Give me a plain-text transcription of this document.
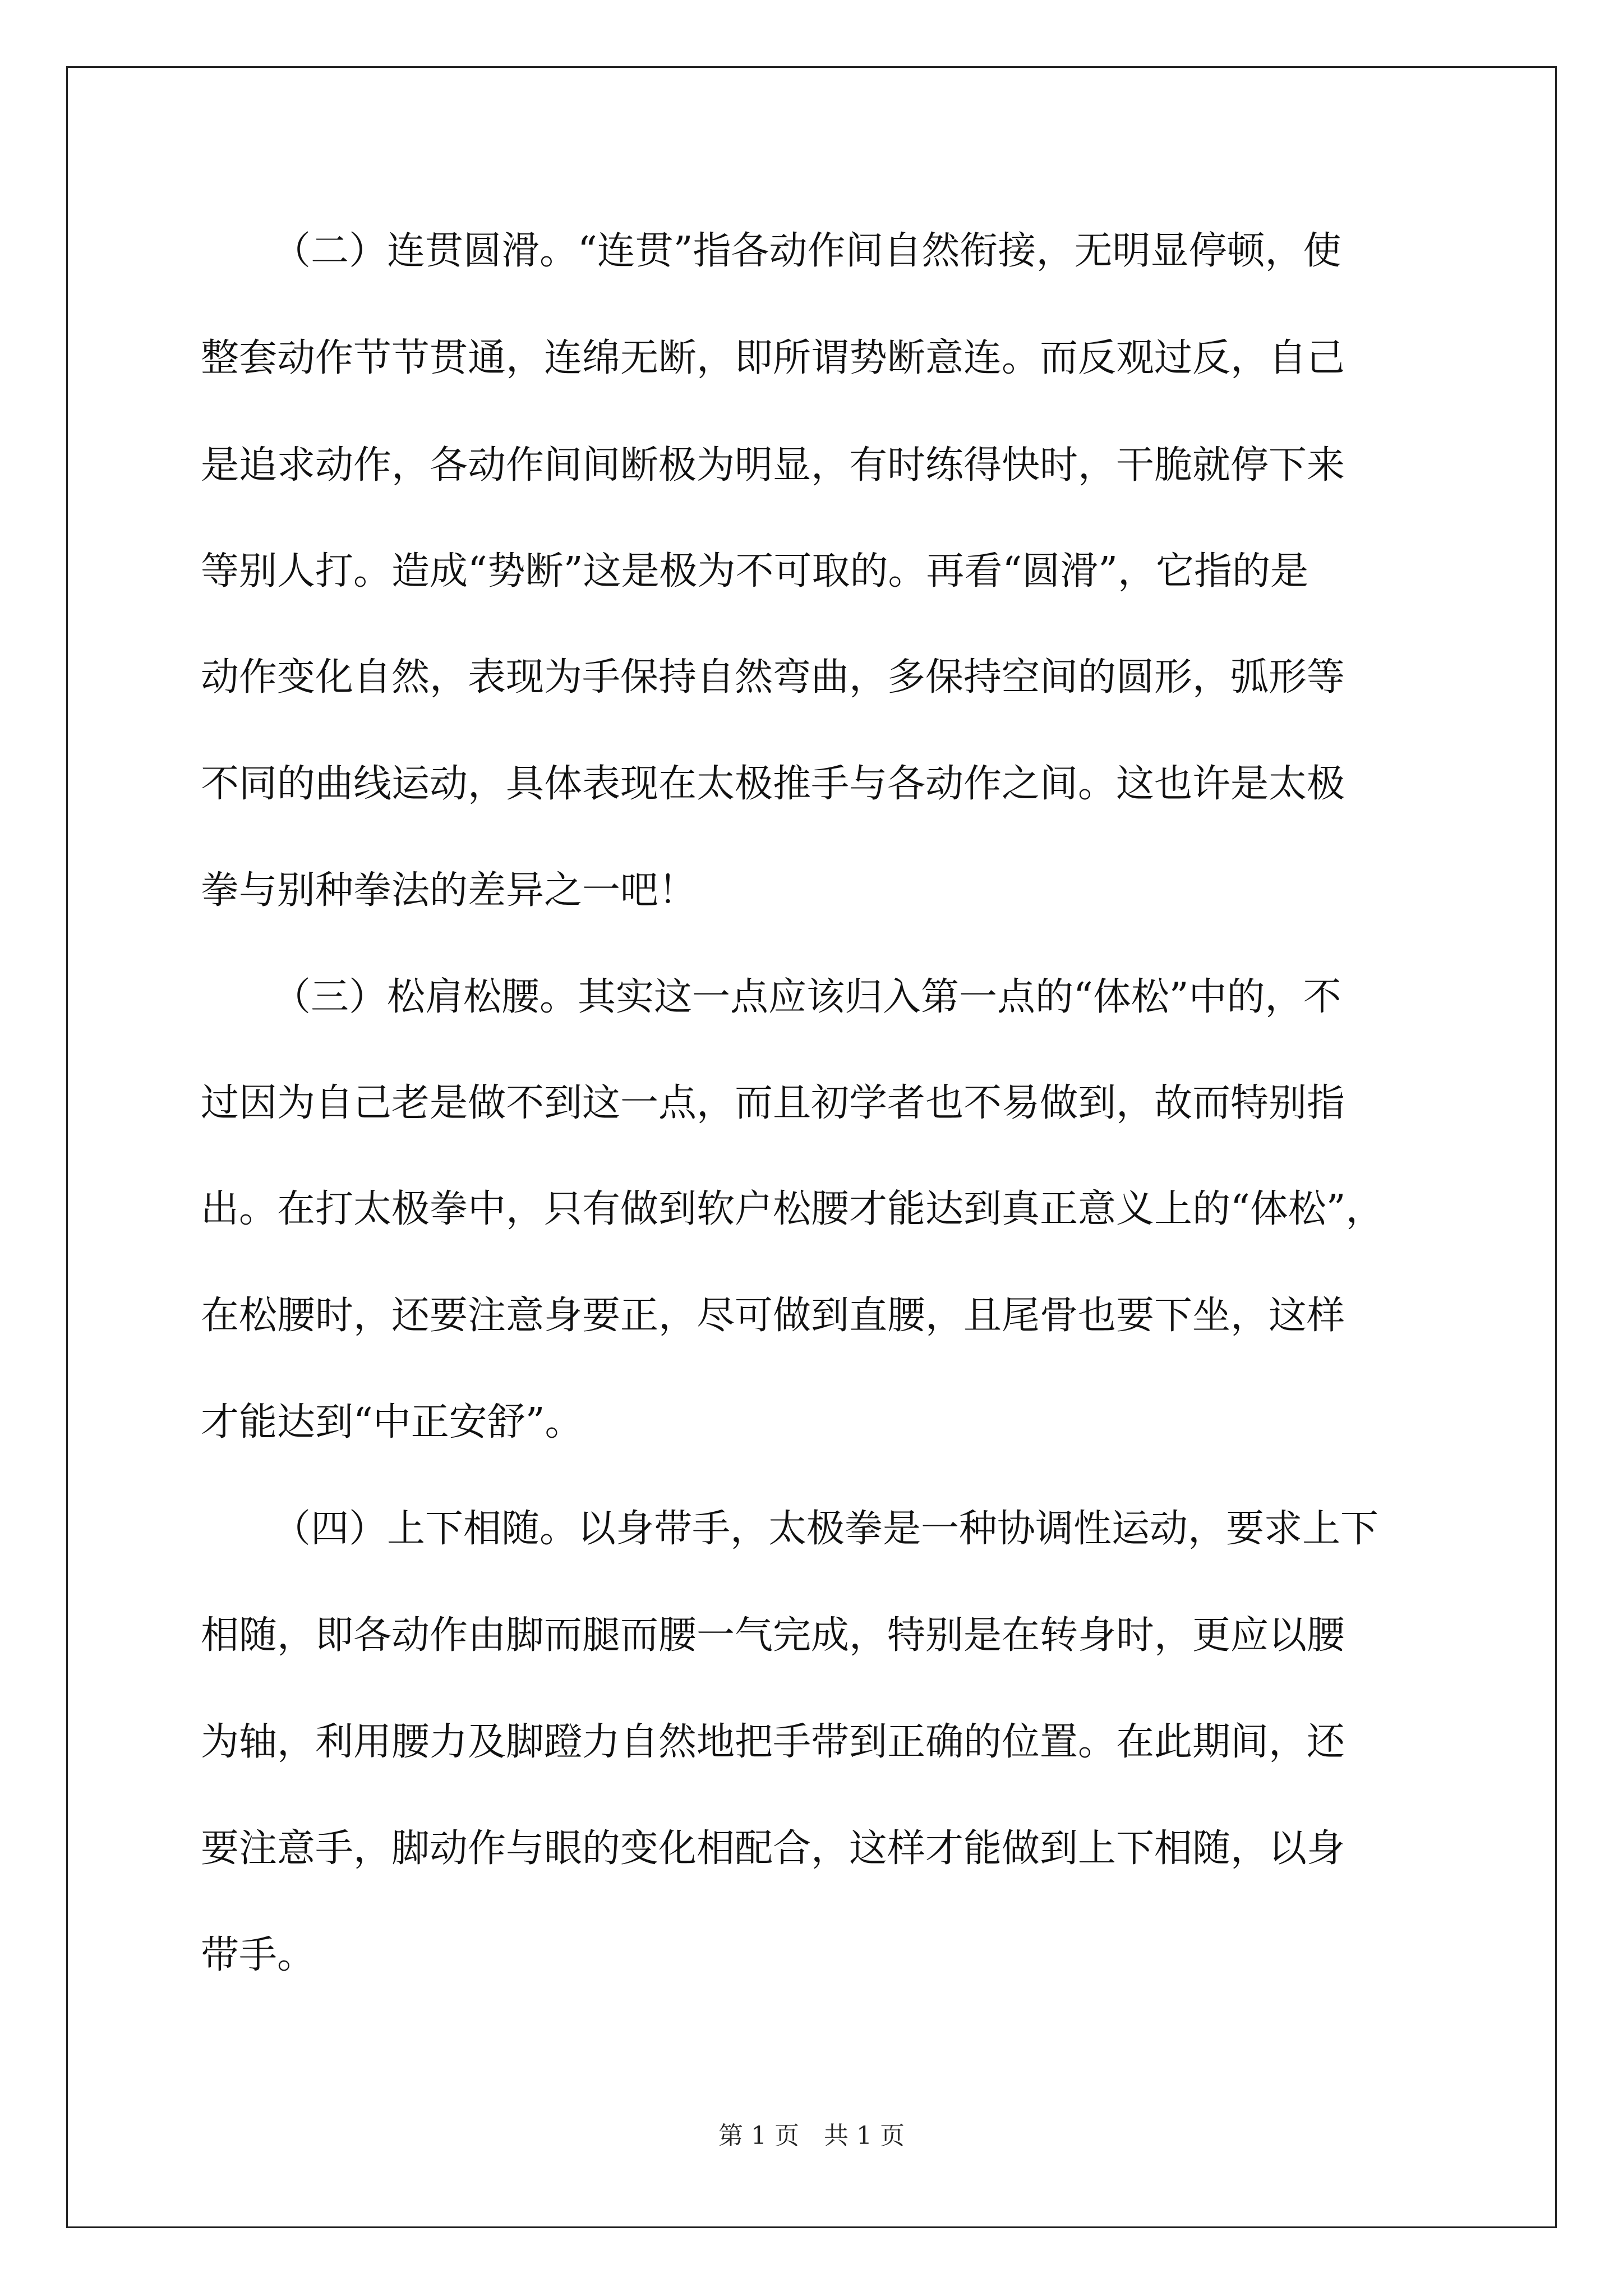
（二）连贯圆滑。“连贯”指各动作间自然衔接，无明显停顿，使
整套动作节节贯通，连绵无断，即所谓势断意连。而反观过反，自己
是追求动作，各动作间间断极为明显，有时练得快时，干脆就停下来
等别人打。造成“势断”这是极为不可取的。再看“圆滑”，它指的是
动作变化自然，表现为手保持自然弯曲，多保持空间的圆形，弧形等
不同的曲线运动，具体表现在太极推手与各动作之间。这也许是太极
拳与别种拳法的差异之一吧！
（三）松肩松腰。其实这一点应该归入第一点的“体松”中的，不
过因为自己老是做不到这一点，而且初学者也不易做到，故而特别指
出。在打太极拳中，只有做到软户松腰才能达到真正意义上的“体松”，
在松腰时，还要注意身要正，尽可做到直腰，且尾骨也要下坐，这样
才能达到“中正安舒”。
（四）上下相随。以身带手，太极拳是一种协调性运动，要求上下
相随，即各动作由脚而腿而腰一气完成，特别是在转身时，更应以腰
为轴，利用腰力及脚蹬力自然地把手带到正确的位置。在此期间，还
要注意手，脚动作与眼的变化相配合，这样才能做到上下相随，以身
带手。
第 1 页　共 1 页
